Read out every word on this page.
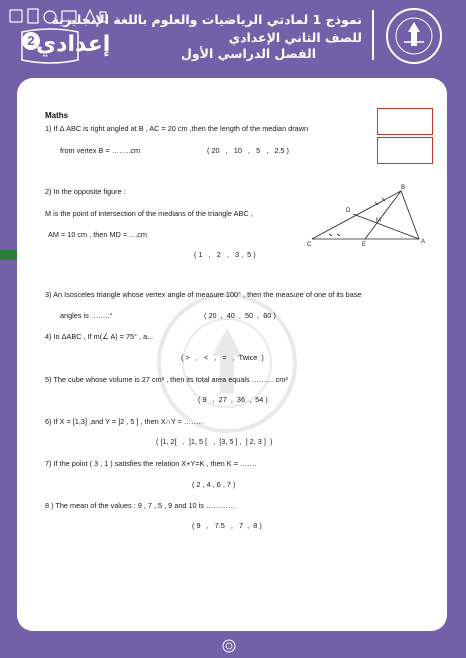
2 إعدادي
نموذج 1 لمادتي الرياضيات والعلوم باللغة الإنجليزية
للصف الثاني الإعدادي
الفصل الدراسي الأول
Maths
1) If Δ ABC is right angled at B , AC = 20 cm ,then the length of the median drawn
from vertex B = ……..cm	( 20   ,   10   ,   5   ,   2.5 )
2) In the opposite figure :
M is the point of intersection of the medians of the triangle ABC ,
AM = 10 cm , then MD = ....cm
( 1   ,   2   ,   3 ,  5 )
B
D
M
C	E	A
3) An Isosceles triangle whose vertex angle of measure 100° , then the measure of one of its base
angles is ……..°	( 20  ,  40  ,  50  ,  60 )
4) In ΔABC , If m(∠ A) = 75° , a...
( >   ,   <   ,   =   ,  Twice  )
5) The cube whose volume is 27 cm³ , then its total area equals ……… cm²
( 9   ,  27  ,  36  ,  54 )
6) If X = [1,3] ,and Y = ]2 , 5 ] , then X∩Y = ……..
( [1, 2[   ,  ]1, 5 [   ,  [3, 5 ] ,  ] 2, 3 ]  )
7) If the point ( 3 , 1 ) satisfies the relation X+Y=K , then K = …….
( 2 , 4 , 6 , 7 )
8 ) The mean of the values : 9 , 7 , 5 , 9 and 10 is …………
( 9   ,   7.5   ,   7  ,  8 )
